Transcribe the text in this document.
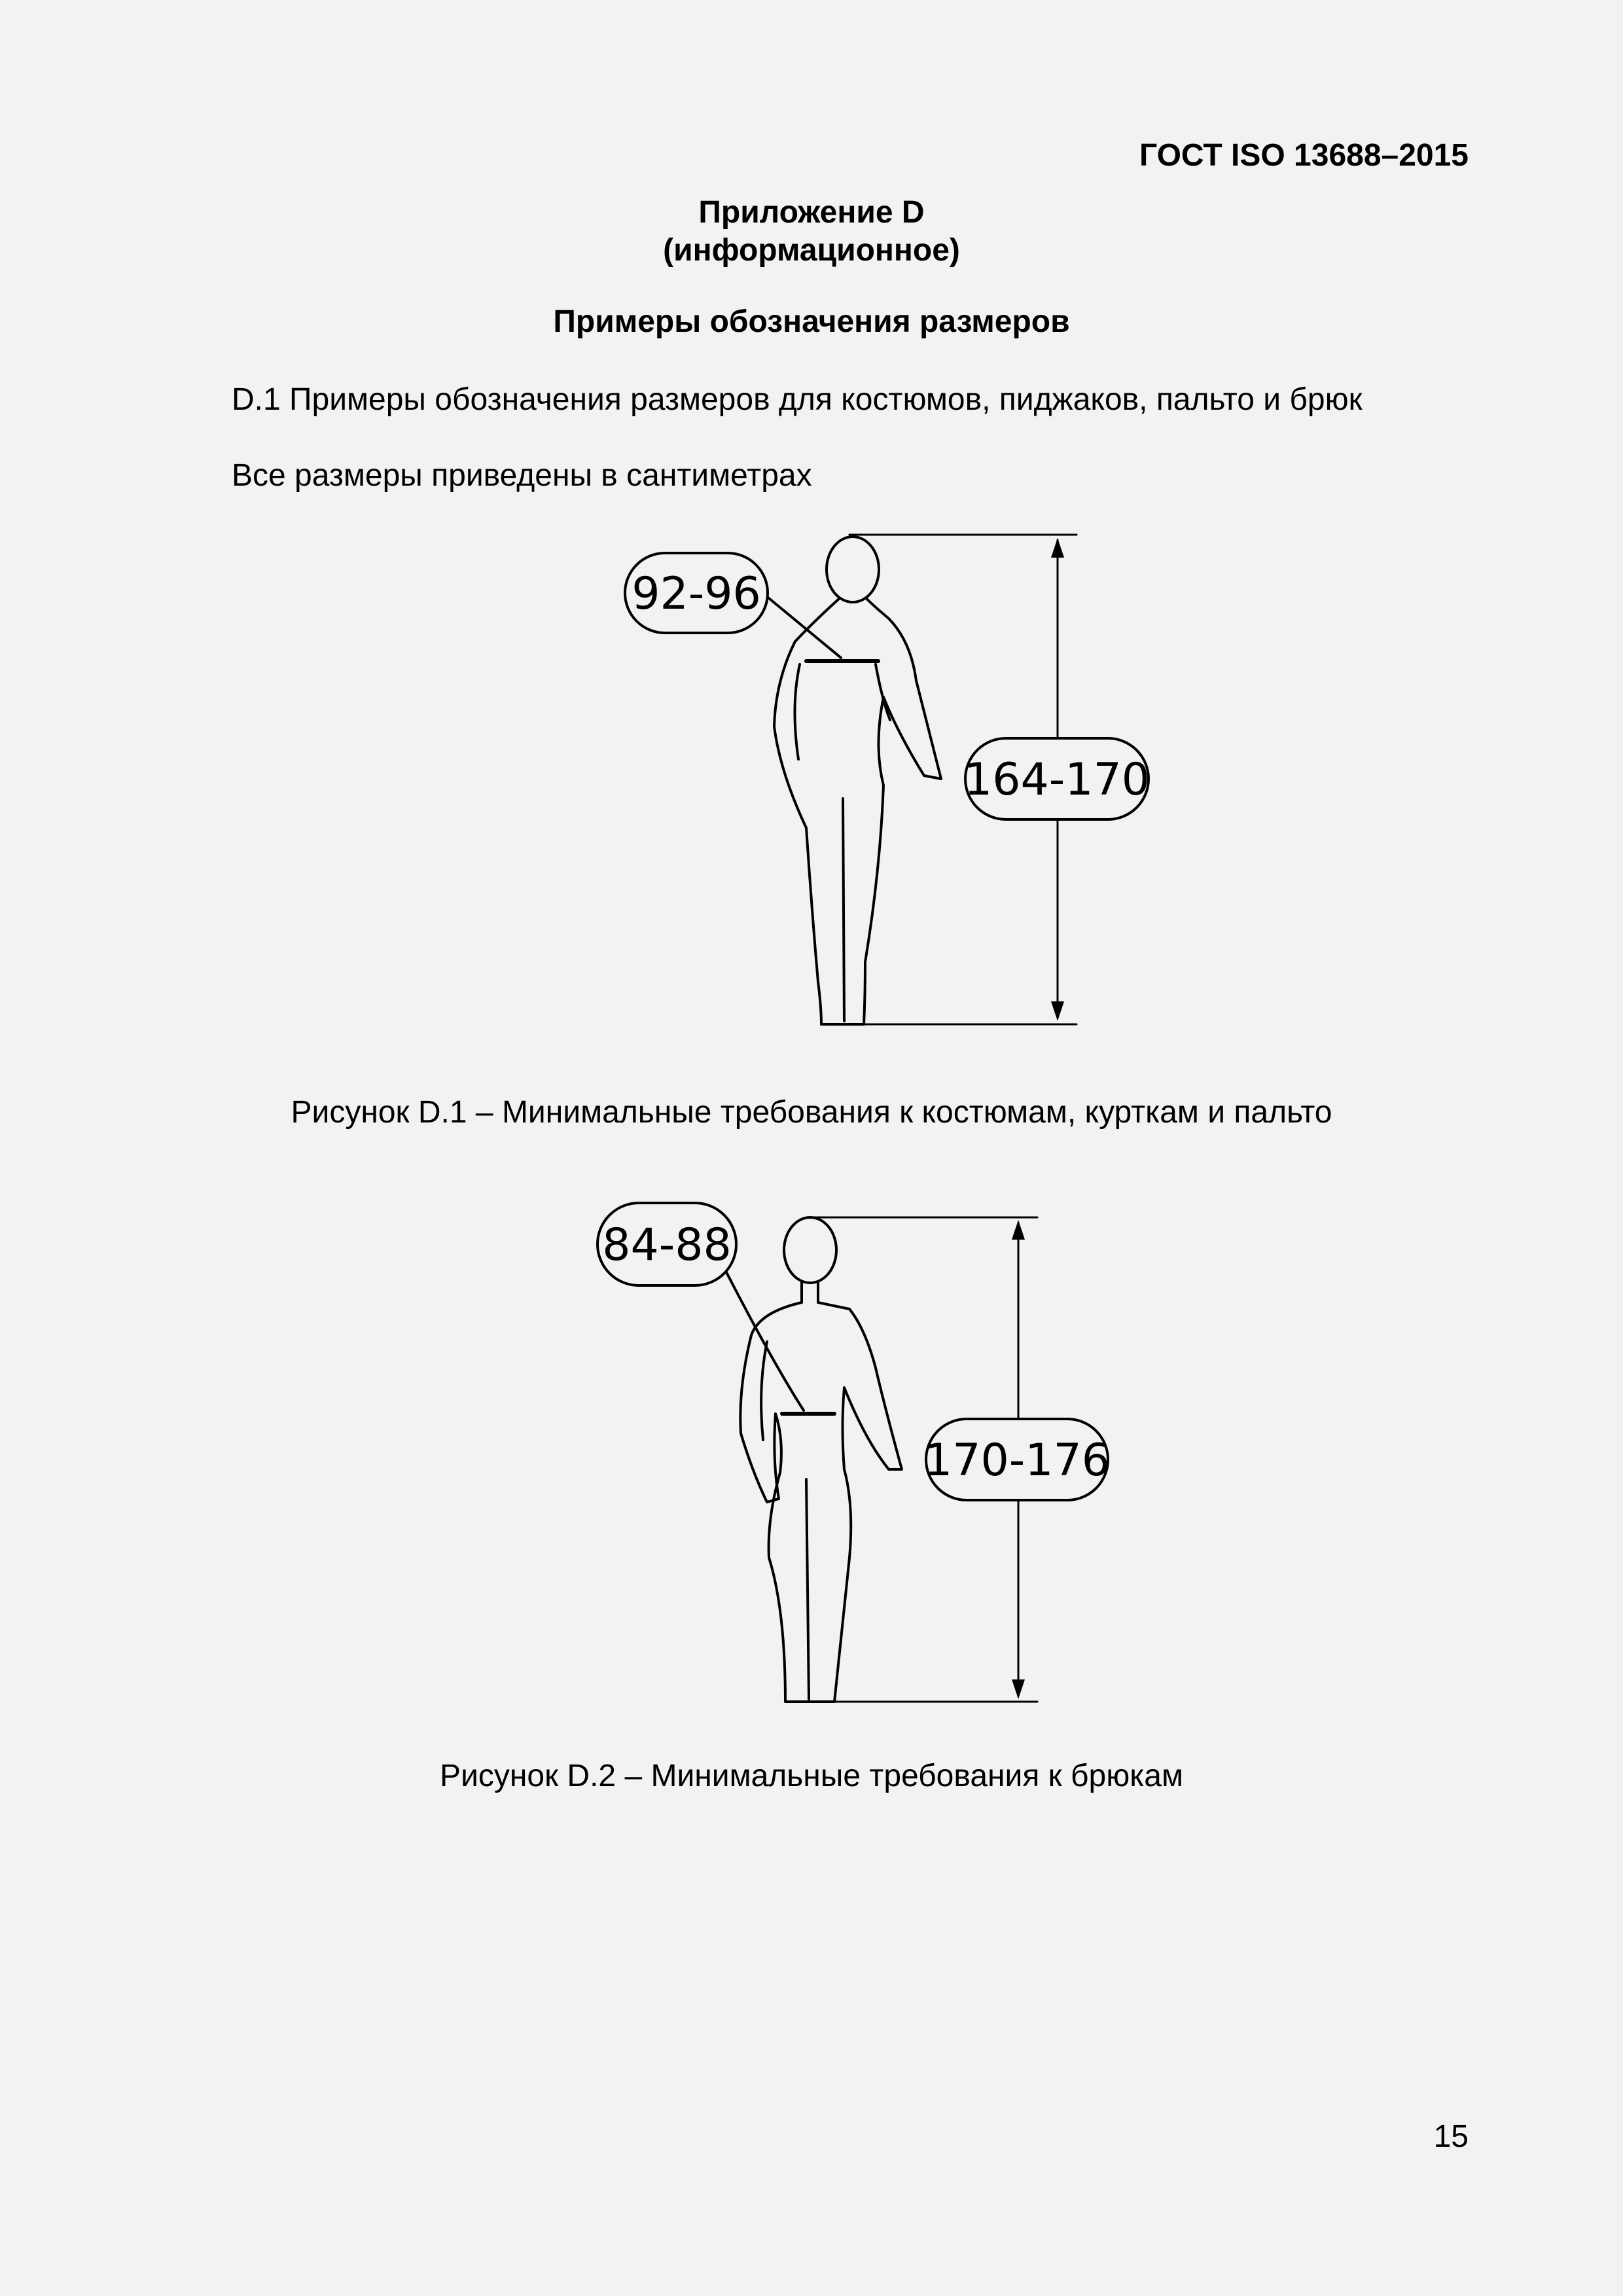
ГОСТ ISO 13688–2015

Приложение D

(информационное)

Примеры обозначения размеров

D.1 Примеры обозначения размеров для костюмов, пиджаков, пальто и брюк

Все размеры приведены в сантиметрах

92-96
164-170

Рисунок D.1 – Минимальные требования к костюмам, курткам и пальто

84-88
170-176

Рисунок D.2 – Минимальные требования к брюкам

15
